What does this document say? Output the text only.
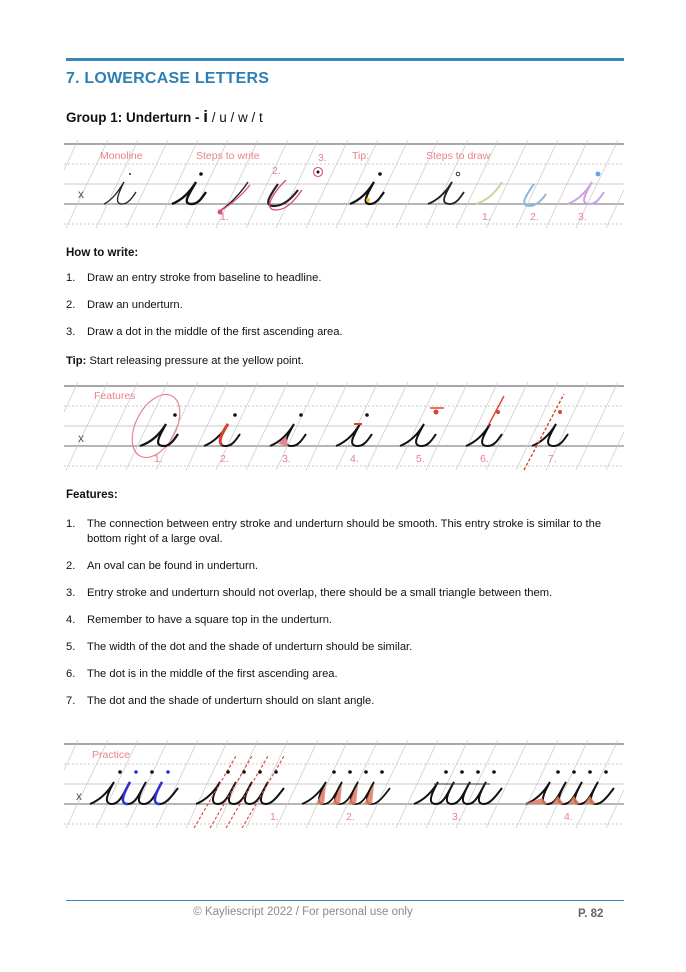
7. LOWERCASE LETTERS
Group 1: Underturn - i / u / w / t
x
Monoline	Steps to write	Tip:	Steps to draw
1.
2.
3.
1.	2.	3.
How to write:
1. Draw an entry stroke from baseline to headline.
2. Draw an underturn.
3. Draw a dot in the middle of the first ascending area.
Tip: Start releasing pressure at the yellow point.
x
Features
1.	2.	3.	4.	5.	6.	7.
Features:
1. The connection between entry stroke and underturn should be smooth. This entry stroke is similar to the bottom right of a large oval.
2. An oval can be found in underturn.
3. Entry stroke and underturn should not overlap, there should be a small triangle between them.
4. Remember to have a square top in the underturn.
5. The width of the dot and the shade of underturn should be similar.
6. The dot is in the middle of the first ascending area.
7. The dot and the shade of underturn should on slant angle.
x
Practice
1.	2.	3.	4.
© Kayliescript 2022 / For personal use only	P. 82
